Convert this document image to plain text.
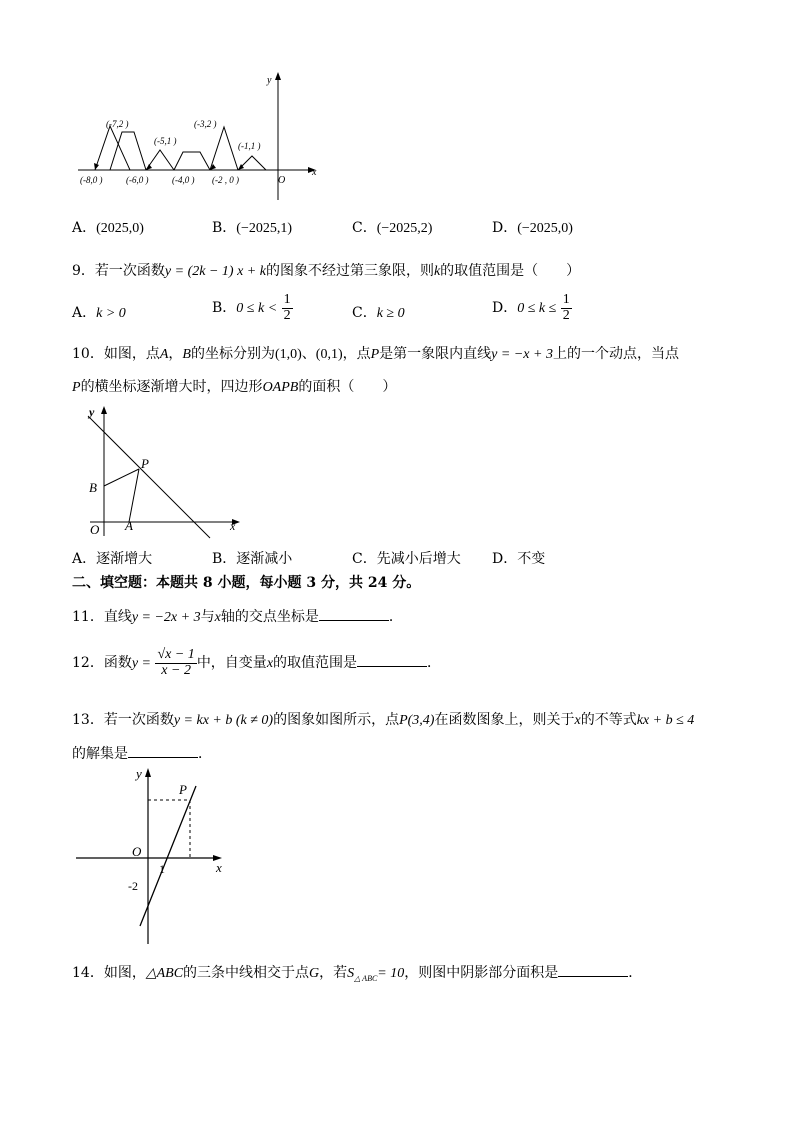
y
x
O
(-7,2 )
(-5,1 )
(-3,2 )
(-1,1 )
(-8,0 )	(-6,0 )	(-4,0 ) (-2 , 0 )
A．(2025,0)	B．(−2025,1)	C．(−2025,2)	D．(−2025,0)
9．若一次函数y = (2k − 1) x + k的图象不经过第三象限，则k的取值范围是（　　）
A．k > 0	B．$0 \le k < \frac{1}{2}$	C．k ≥ 0	D．$0 \le k \le \frac{1}{2}$
10．如图，点A，B的坐标分别为(1,0)、(0,1)，点P是第一象限内直线y = −x + 3上的一个动点，当点
P的横坐标逐渐增大时，四边形OAPB的面积（　　）
y
x
O A
B
P
A．逐渐增大	B．逐渐减小	C．先减小后增大 D．不变
二、填空题：本题共 8 小题，每小题 3 分，共 24 分。
11．直线y = −2x + 3与x轴的交点坐标是	．
12．函数$y = \frac{√x - 1}{x - 2}$ 中，自变量x的取值范围是	．
13．若一次函数y = kx + b (k ≠ 0)的图象如图所示，点P(3,4)在函数图象上，则关于x的不等式kx + b ≤ 4
的解集是	．
y
x
O
P
1
-2
14．如图，△ABC的三条中线相交于点G，若$S_{\triangle ABC}= 10$，则图中阴影部分面积是	．
